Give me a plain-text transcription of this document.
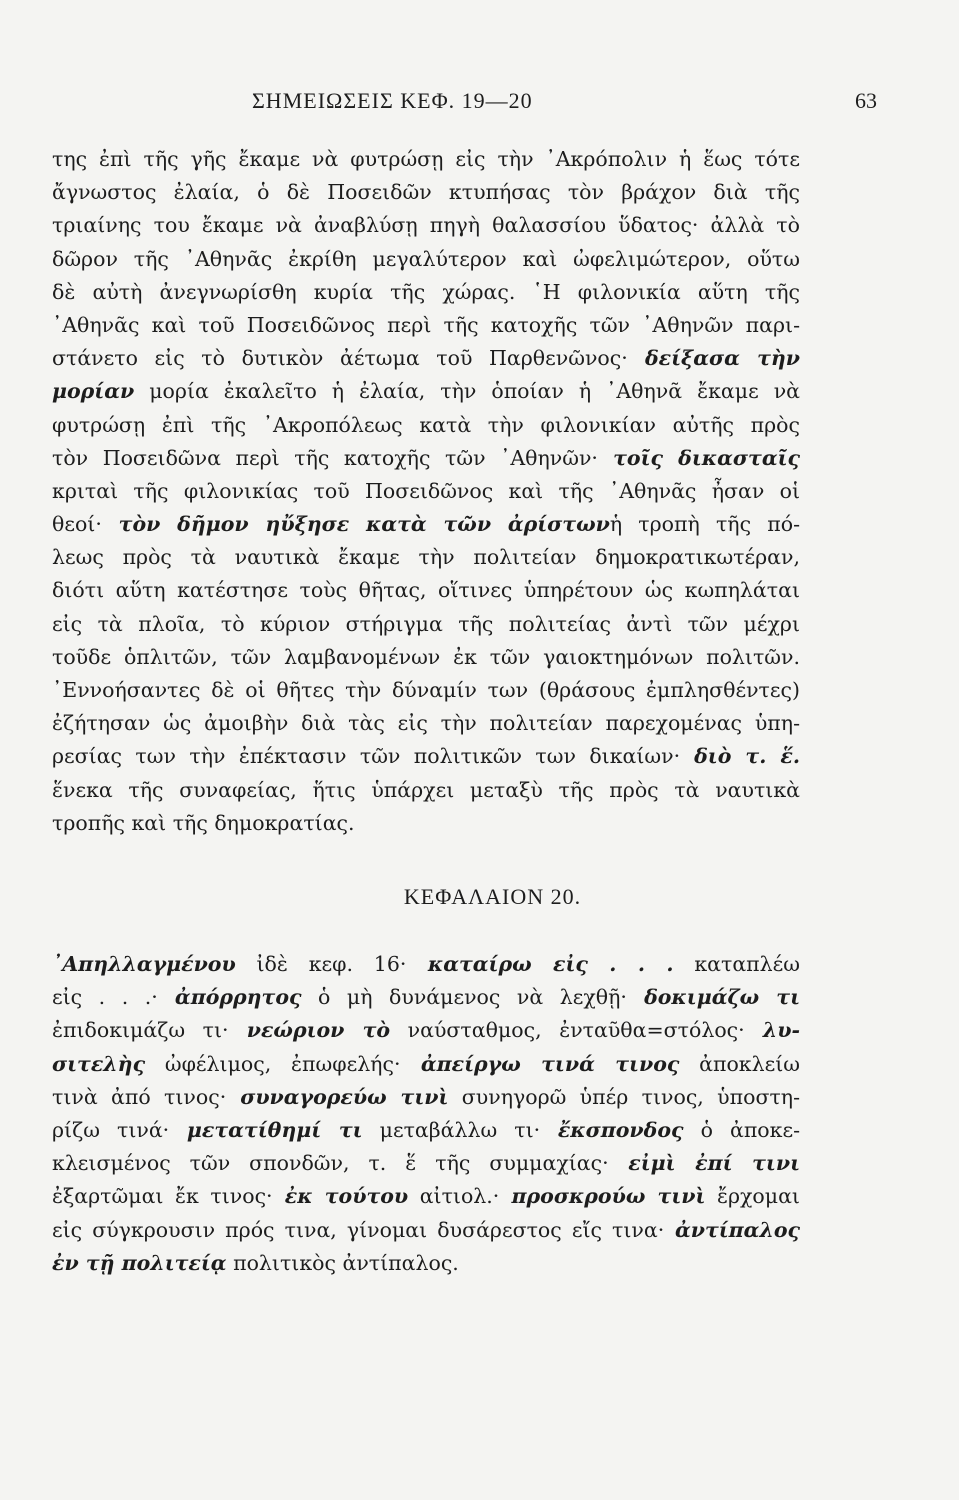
ΣΗΜΕΙΩΣΕΙΣ ΚΕΦ. 19—20	63
της ἐπὶ τῆς γῆς ἔκαμε νὰ φυτρώσῃ εἰς τὴν ᾿Ακρόπολιν ἡ ἕως τότε
ἄγνωστος ἐλαία, ὁ δὲ Ποσειδῶν κτυπήσας τὸν βράχον διὰ τῆς
τριαίνης του ἔκαμε νὰ ἀναβλύσῃ πηγὴ θαλασσίου ὕδατος· ἀλλὰ τὸ
δῶρον τῆς ᾿Αθηνᾶς ἐκρίθη μεγαλύτερον καὶ ὠφελιμώτερον, οὕτω
δὲ αὐτὴ ἀνεγνωρίσθη κυρία τῆς χώρας. ῾Η φιλονικία αὕτη τῆς
᾿Αθηνᾶς καὶ τοῦ Ποσειδῶνος περὶ τῆς κατοχῆς τῶν ᾿Αθηνῶν παρι-
στάνετο εἰς τὸ δυτικὸν ἀέτωμα τοῦ Παρθενῶνος· δείξασα τὴν
μορίαν μορία ἐκαλεῖτο ἡ ἐλαία, τὴν ὁποίαν ἡ ᾿Αθηνᾶ ἔκαμε νὰ
φυτρώσῃ ἐπὶ τῆς ᾿Ακροπόλεως κατὰ τὴν φιλονικίαν αὐτῆς πρὸς
τὸν Ποσειδῶνα περὶ τῆς κατοχῆς τῶν ᾿Αθηνῶν· τοῖς δικασταῖς
κριταὶ τῆς φιλονικίας τοῦ Ποσειδῶνος καὶ τῆς ᾿Αθηνᾶς ἦσαν οἱ
θεοί· τὸν δῆμον ηὔξησε κατὰ τῶν ἀρίστωνἡ τροπὴ τῆς πό-
λεως πρὸς τὰ ναυτικὰ ἔκαμε τὴν πολιτείαν δημοκρατικωτέραν,
διότι αὕτη κατέστησε τοὺς θῆτας, οἵτινες ὑπηρέτουν ὡς κωπηλάται
εἰς τὰ πλοῖα, τὸ κύριον στήριγμα τῆς πολιτείας ἀντὶ τῶν μέχρι
τοῦδε ὁπλιτῶν, τῶν λαμβανομένων ἐκ τῶν γαιοκτημόνων πολιτῶν.
᾿Εννοήσαντες δὲ οἱ θῆτες τὴν δύναμίν των (θράσους ἐμπλησθέντες)
ἐζήτησαν ὡς ἀμοιβὴν διὰ τὰς εἰς τὴν πολιτείαν παρεχομένας ὑπη-
ρεσίας των τὴν ἐπέκτασιν τῶν πολιτικῶν των δικαίων· διὸ τ. ἕ.
ἕνεκα τῆς συναφείας, ἥτις ὑπάρχει μεταξὺ τῆς πρὸς τὰ ναυτικὰ
τροπῆς καὶ τῆς δημοκρατίας.
ΚΕΦΑΛΑΙΟΝ 20.
᾿Απηλλαγμένου ἰδὲ κεφ. 16· καταίρω εἰς . . . καταπλέω
εἰς . . .· ἀπόρρητος ὁ μὴ δυνάμενος νὰ λεχθῇ· δοκιμάζω τι
ἐπιδοκιμάζω τι· νεώριον τὸ ναύσταθμος, ἐνταῦθα=στόλος· λυ-
σιτελὴς ὠφέλιμος, ἐπωφελής· ἀπείργω τινά τινος ἀποκλείω
τινὰ ἀπό τινος· συναγορεύω τινὶ συνηγορῶ ὑπέρ τινος, ὑποστη-
ρίζω τινά· μετατίθημί τι μεταβάλλω τι· ἔκσπονδος ὁ ἀποκε-
κλεισμένος τῶν σπονδῶν, τ. ἕ τῆς συμμαχίας· εἰμὶ ἐπί τινι
ἐξαρτῶμαι ἔκ τινος· ἐκ τούτου αἰτιολ.· προσκρούω τινὶ ἔρχομαι
εἰς σύγκρουσιν πρός τινα, γίνομαι δυσάρεστος εἴς τινα· ἀντίπαλος
ἐν τῇ πολιτείᾳ πολιτικὸς ἀντίπαλος.
